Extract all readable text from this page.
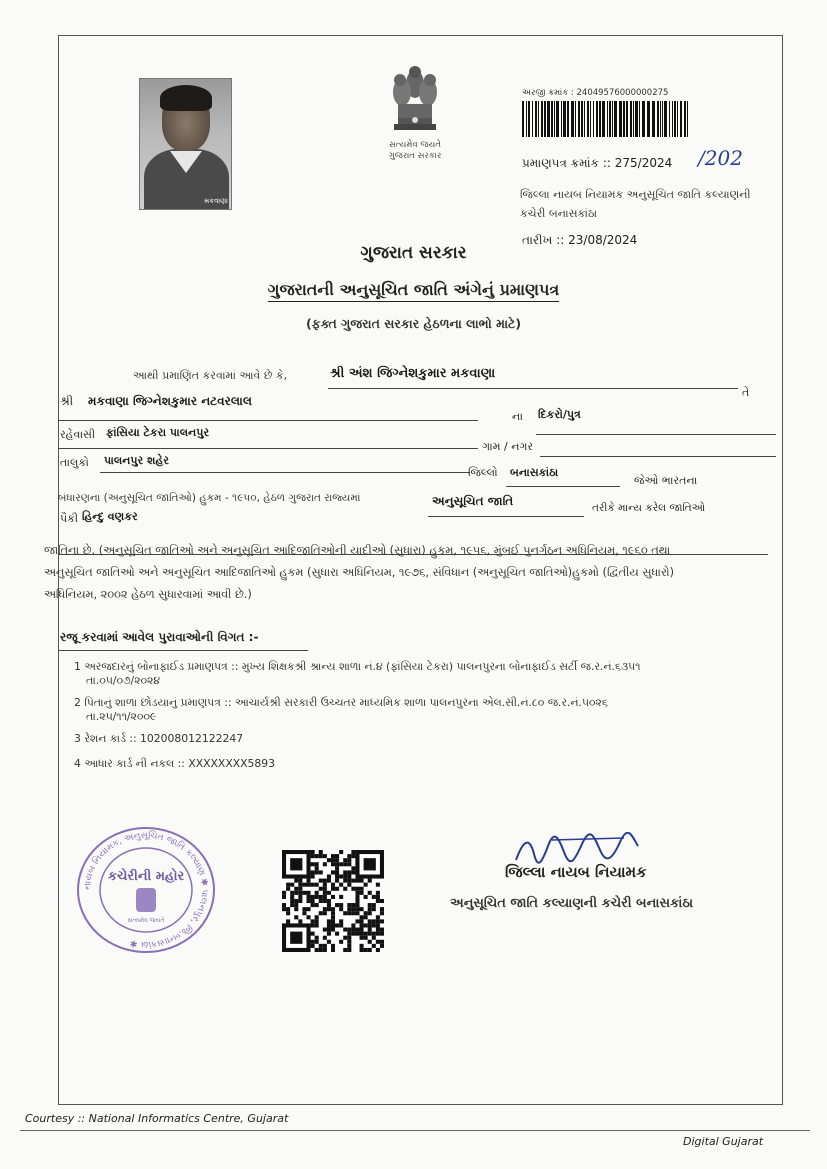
મકવાણા
સત્યમેવ જયતે
ગુજરાત સરકાર
અરજી ક્રમાંક : 24049576000000275
પ્રમાણપત્ર ક્રમાંક :: 275/2024 /202
જિલ્લા નાયબ નિયામક અનુસૂચિત જાતિ કલ્યાણની
કચેરી બનાસકાંઠા
તારીખ :: 23/08/2024
ગુજરાત સરકાર
ગુજરાતની અનુસૂચિત જાતિ અંગેનું પ્રમાણપત્ર
(ફક્ત ગુજરાત સરકાર હેઠળના લાભો માટે)
આથી પ્રમાણિત કરવામાં આવે છે કે,	શ્રી અંશ જિગ્નેશકુમાર મકવાણા
તે
શ્રી મકવાણા જિગ્નેશકુમાર નટવરલાલ
ના દિકરો/પુત્ર
રહેવાસી ફાંસિયા ટેકરા પાલનપુર
ગામ / નગર
તાલુકો પાલનપુર શહેર
જિલ્લો બનાસકાંઠા
જેઓ ભારતના
બંધારણના (અનુસૂચિત જાતિઓ) હુકમ - ૧૯૫૦, હેઠળ ગુજરાત રાજ્યમાં	અનુસૂચિત જાતિ	તરીકે માન્ય કરેલ જાતિઓ
પૈકી હિન્દુ વણકર
જાતિના છે. (અનુસૂચિત જાતિઓ અને અનુસૂચિત આદિજાતિઓની યાદીઓ (સુધારા) હુકમ, ૧૯૫૬, મુંબઈ પુનર્ગઠન અધિનિયમ, ૧૯૬૦ તથા
અનુસૂચિત જાતિઓ અને અનુસૂચિત આદિજાતિઓ હુકમ (સુધારા અધિનિયમ, ૧૯૭૬, સંવિધાન (અનુસૂચિત જાતિઓ)હુકમો (દ્વિતીય સુધારો)
અધિનિયમ, ૨૦૦૨ હેઠળ સુધારવામાં આવી છે.)
રજૂ કરવામાં આવેલ પુરાવાઓની વિગત :-
1 અરજદારનું બોનાફાઈડ પ્રમાણપત્ર :: મુખ્ય શિક્ષકશ્રી શ્રાન્ય શાળા નં.૪ (ફાંસિયા ટેકરા) પાલનપુરના બોનાફાઈડ સર્ટી જ.ર.નં.૬૩૫૧
તા.૦૫/૦૭/૨૦૨૪
2 પિતાનું શાળા છોડયાનું પ્રમાણપત્ર :: આચાર્યશ્રી સરકારી ઉચ્ચતર માધ્યમિક શાળા પાલનપુરના એલ.સી.નં.૮૦ જ.ર.નં.૫૦૨૬
તા.૨૫/૧૧/૨૦૦૯
3 રેશન કાર્ડ :: 102008012122247
4 આધાર કાર્ડ ની નકલ :: XXXXXXXX5893
નાયબ નિયામક, અનુસૂચિત જાતિ કલ્યાણ ✱ પાલનપુર, જિ.બનાસકાંઠા ✱
કચેરીની મહોર
સત્યમેવ જયતે
જિલ્લા નાયબ નિયામક
અનુસૂચિત જાતિ કલ્યાણની કચેરી બનાસકાંઠા
Courtesy :: National Informatics Centre, Gujarat
Digital Gujarat
